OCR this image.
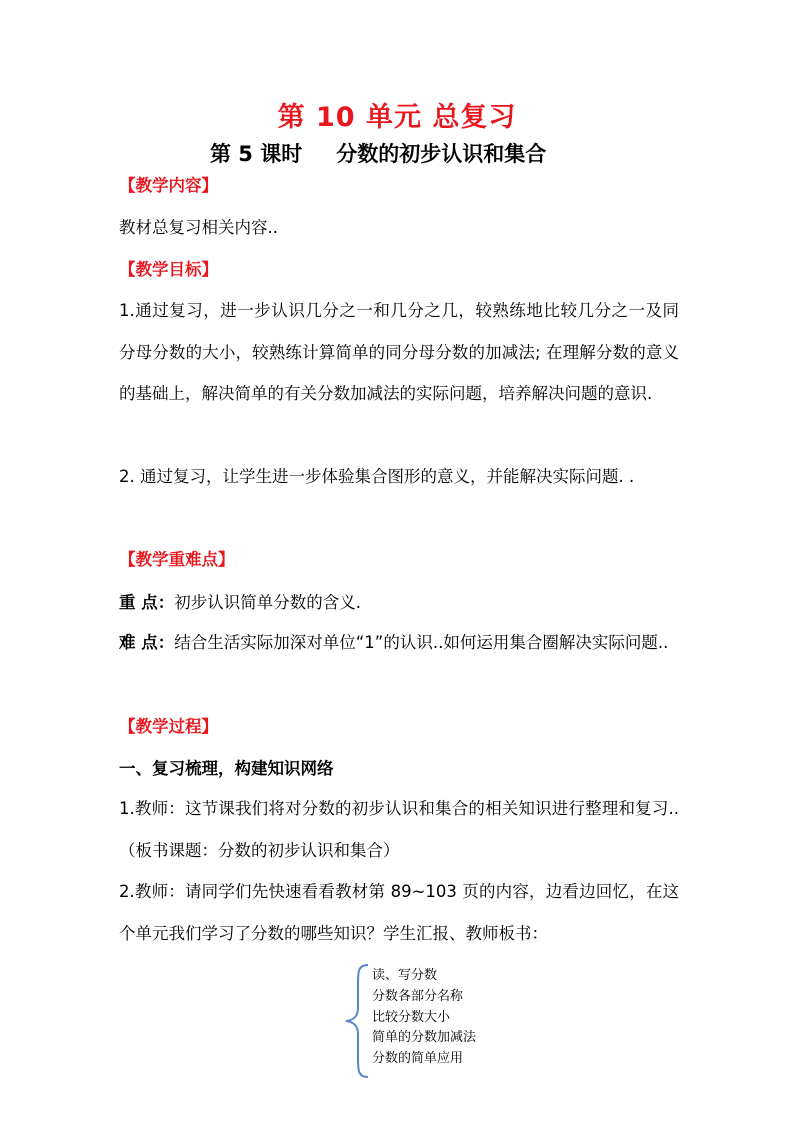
第 10 单元 总复习
第 5 课时 分数的初步认识和集合
【教学内容】
教材总复习相关内容..
【教学目标】
1.通过复习，进一步认识几分之一和几分之几，较熟练地比较几分之一及同分母分数的大小，较熟练计算简单的同分母分数的加减法; 在理解分数的意义的基础上，解决简单的有关分数加减法的实际问题，培养解决问题的意识.
2. 通过复习，让学生进一步体验集合图形的意义，并能解决实际问题. .
【教学重难点】
重 点：初步认识简单分数的含义.
难 点：结合生活实际加深对单位“1”的认识..如何运用集合圈解决实际问题..
【教学过程】
一、复习梳理，构建知识网络
1.教师：这节课我们将对分数的初步认识和集合的相关知识进行整理和复习..（板书课题：分数的初步认识和集合）
2.教师：请同学们先快速看看教材第 89~103 页的内容，边看边回忆，在这个单元我们学习了分数的哪些知识？学生汇报、教师板书：
读、写分数
分数各部分名称
比较分数大小
简单的分数加减法
分数的简单应用
